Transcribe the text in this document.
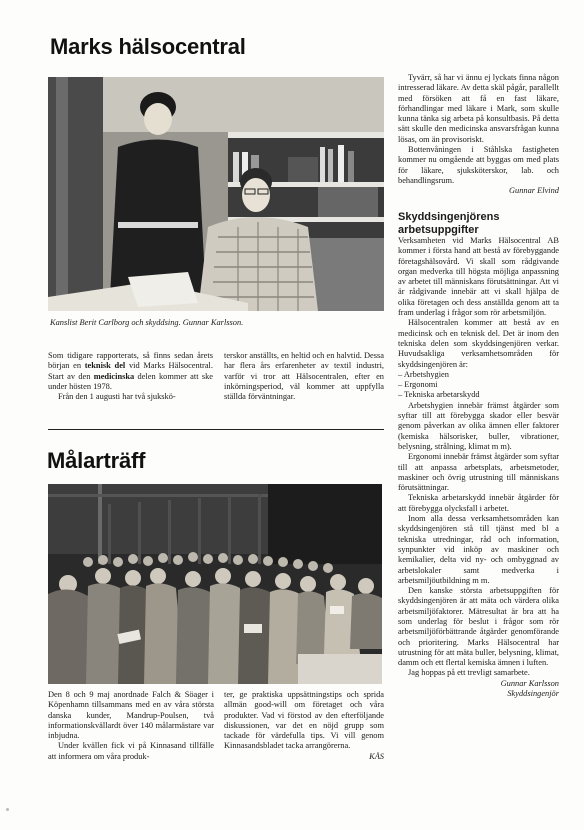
Marks hälsocentral
Kanslist Berit Carlborg och skyddsing. Gunnar Karlsson.

Som tidigare rapporterats, så finns sedan årets början en teknisk del vid Marks Hälsocentral. Start av den medicinska delen kommer att ske under hösten 1978.

Från den 1 augusti har två sjukskö-

terskor anställts, en heltid och en halvtid. Dessa har flera års erfarenheter av textil industri, varför vi tror att Hälsocentralen, efter en inkörningsperiod, väl kommer att uppfylla ställda förväntningar.

Tyvärr, så har vi ännu ej lyckats finna någon intresserad läkare. Av detta skäl pågår, parallellt med försöken att få en fast läkare, förhandlingar med läkare i Mark, som skulle kunna tänka sig arbeta på konsultbasis. På detta sätt skulle den medicinska ansvarsfrågan kunna lösas, om än provisoriskt.

Bottenvåningen i Ståhlska fastigheten kommer nu omgående att byggas om med plats för läkare, sjuksköterskor, lab. och behandlingsrum.

Gunnar Elvind

Skyddsingenjörens arbetsuppgifter

Verksamheten vid Marks Hälsocentral AB kommer i första hand att bestå av förebyggande företagshälsovård. Vi skall som rådgivande organ medverka till högsta möjliga anpassning av arbetet till människans förutsättningar. Att vi är rådgivande innebär att vi skall hjälpa de olika företagen och dess anställda genom att ta fram underlag i frågor som rör arbetsmiljön.

Hälsocentralen kommer att bestå av en medicinsk och en teknisk del. Det är inom den tekniska delen som skyddsingenjören verkar. Huvudsakliga verksamhetsområden för skyddsingenjören är:

– Arbetshygien
– Ergonomi
– Tekniska arbetarskydd

Arbetshygien innebär främst åtgärder som syftar till att förebygga skador eller besvär genom påverkan av olika ämnen eller faktorer (kemiska hälsorisker, buller, vibrationer, belysning, strålning, klimat m m).

Ergonomi innebär främst åtgärder som syftar till att anpassa arbetsplats, arbetsmetoder, maskiner och övrig utrustning till människans förutsättningar.

Tekniska arbetarskydd innebär åtgärder för att förebygga olycksfall i arbetet.

Inom alla dessa verksamhetsområden kan skyddsingenjören stå till tjänst med bl a tekniska utredningar, råd och information, synpunkter vid inköp av maskiner och kemikalier, delta vid ny- och ombyggnad av arbetslokaler samt medverka i arbetsmiljöutbildning m m.

Den kanske största arbetsuppgiften för skyddsingenjören är att mäta och värdera olika arbetsmiljöfaktorer. Mätresultat är bra att ha som underlag för beslut i frågor som rör arbetsmiljöförbättrande åtgärder genomförande och prioritering. Marks Hälsocentral har utrustning för att mäta buller, belysning, klimat, damm och ett flertal kemiska ämnen i luften.

Jag hoppas på ett trevligt samarbete.

Gunnar Karlsson

Skyddsingenjör

Målarträff

Den 8 och 9 maj anordnade Falch & Söager i Köpenhamn tillsammans med en av våra största danska kunder, Mandrup-Poulsen, två informationskvällardt över 140 målarmästare var inbjudna.

Under kvällen fick vi på Kinnasand tillfälle att informera om våra produk-

ter, ge praktiska uppsättningstips och sprida allmän good-will om företaget och våra produkter. Vad vi förstod av den efterföljande diskussionen, var det en nöjd grupp som tackade för värdefulla tips. Vi vill genom Kinnasandsbladet tacka arrangörerna.

KÅS
